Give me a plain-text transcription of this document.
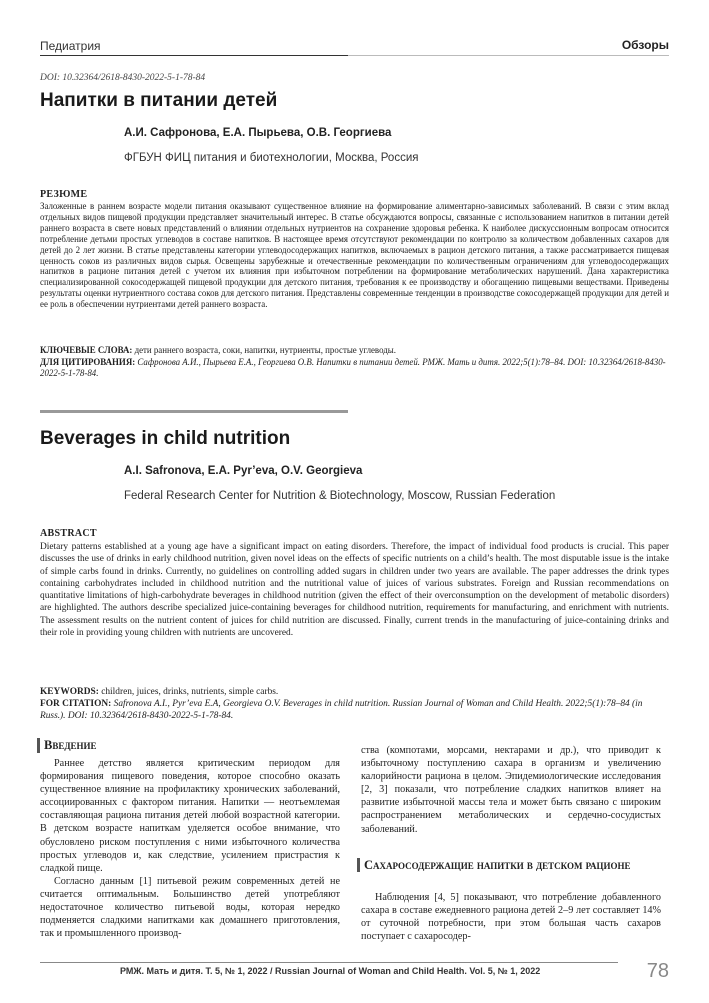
Педиатрия	Обзоры
DOI: 10.32364/2618-8430-2022-5-1-78-84
Напитки в питании детей
А.И. Сафронова, Е.А. Пырьева, О.В. Георгиева
ФГБУН ФИЦ питания и биотехнологии, Москва, Россия
РЕЗЮМЕ

Заложенные в раннем возрасте модели питания оказывают существенное влияние на формирование алиментарно-зависимых заболеваний. В связи с этим вклад отдельных видов пищевой продукции представляет значительный интерес. В статье обсуждаются вопросы, связанные с использованием напитков в питании детей раннего возраста в свете новых представлений о влиянии отдельных нутриентов на сохранение здоровья ребенка. К наиболее дискуссионным вопросам относится потребление детьми простых углеводов в составе напитков. В настоящее время отсутствуют рекомендации по контролю за количеством добавленных сахаров для детей до 2 лет жизни. В статье представлены категории углеводосодержащих напитков, включаемых в рацион детского питания, а также рассматривается пищевая ценность соков из различных видов сырья. Освещены зарубежные и отечественные рекомендации по количественным ограничениям для углеводосодержащих напитков в рационе питания детей с учетом их влияния при избыточном потреблении на формирование метаболических нарушений. Дана характеристика специализированной сокосодержащей пищевой продукции для детского питания, требования к ее производству и обогащению пищевыми веществами. Приведены результаты оценки нутриентного состава соков для детского питания. Представлены современные тенденции в производстве сокосодержащей продукции для детей и ее роль в обеспечении нутриентами детей раннего возраста.

КЛЮЧЕВЫЕ СЛОВА: дети раннего возраста, соки, напитки, нутриенты, простые углеводы.

ДЛЯ ЦИТИРОВАНИЯ: Сафронова А.И., Пырьева Е.А., Георгиева О.В. Напитки в питании детей. РМЖ. Мать и дитя. 2022;5(1):78–84. DOI: 10.32364/2618-8430-2022-5-1-78-84.

Beverages in child nutrition
A.I. Safronova, E.A. Pyr’eva, O.V. Georgieva
Federal Research Center for Nutrition & Biotechnology, Moscow, Russian Federation
ABSTRACT

Dietary patterns established at a young age have a significant impact on eating disorders. Therefore, the impact of individual food products is crucial. This paper discusses the use of drinks in early childhood nutrition, given novel ideas on the effects of specific nutrients on a child’s health. The most disputable issue is the intake of simple carbs found in drinks. Currently, no guidelines on controlling added sugars in children under two years are available. The paper addresses the drink types containing carbohydrates included in childhood nutrition and the nutritional value of juices of various substrates. Foreign and Russian recommendations on quantitative limitations of high-carbohydrate beverages in childhood nutrition (given the effect of their overconsumption on the development of metabolic disorders) are highlighted. The authors describe specialized juice-containing beverages for childhood nutrition, requirements for manufacturing, and enrichment with nutrients. The assessment results on the nutrient content of juices for child nutrition are discussed. Finally, current trends in the manufacturing of juice-containing drinks and their role in providing young children with nutrients are uncovered.

KEYWORDS: children, juices, drinks, nutrients, simple carbs.

FOR CITATION: Safronova A.I., Pyr’eva E.A, Georgieva O.V. Beverages in child nutrition. Russian Journal of Woman and Child Health. 2022;5(1):78–84 (in Russ.). DOI: 10.32364/2618-8430-2022-5-1-78-84.

Введение

Раннее детство является критическим периодом для формирования пищевого поведения, которое способно оказать существенное влияние на профилактику хронических заболеваний, ассоциированных с фактором питания. Напитки — неотъемлемая составляющая рациона питания детей любой возрастной категории. В детском возрасте напиткам уделяется особое внимание, что обусловлено риском поступления с ними избыточного количества простых углеводов и, как следствие, усилением пристрастия к сладкой пище.

Согласно данным [1] питьевой режим современных детей не считается оптимальным. Большинство детей употребляют недостаточное количество питьевой воды, которая нередко подменяется сладкими напитками как домашнего приготовления, так и промышленного производ-

ства (компотами, морсами, нектарами и др.), что приводит к избыточному поступлению сахара в организм и увеличению калорийности рациона в целом. Эпидемиологические исследования [2, 3] показали, что потребление сладких напитков влияет на развитие избыточной массы тела и может быть связано с широким распространением метаболических и сердечно-сосудистых заболеваний.

Сахаросодержащие напитки в детском рационе

Наблюдения [4, 5] показывают, что потребление добавленного сахара в составе ежедневного рациона детей 2–9 лет составляет 14% от суточной потребности, при этом большая часть сахаров поступает с сахаросодер-

РМЖ. Мать и дитя. Т. 5, № 1, 2022 / Russian Journal of Woman and Child Health. Vol. 5, № 1, 2022	78
